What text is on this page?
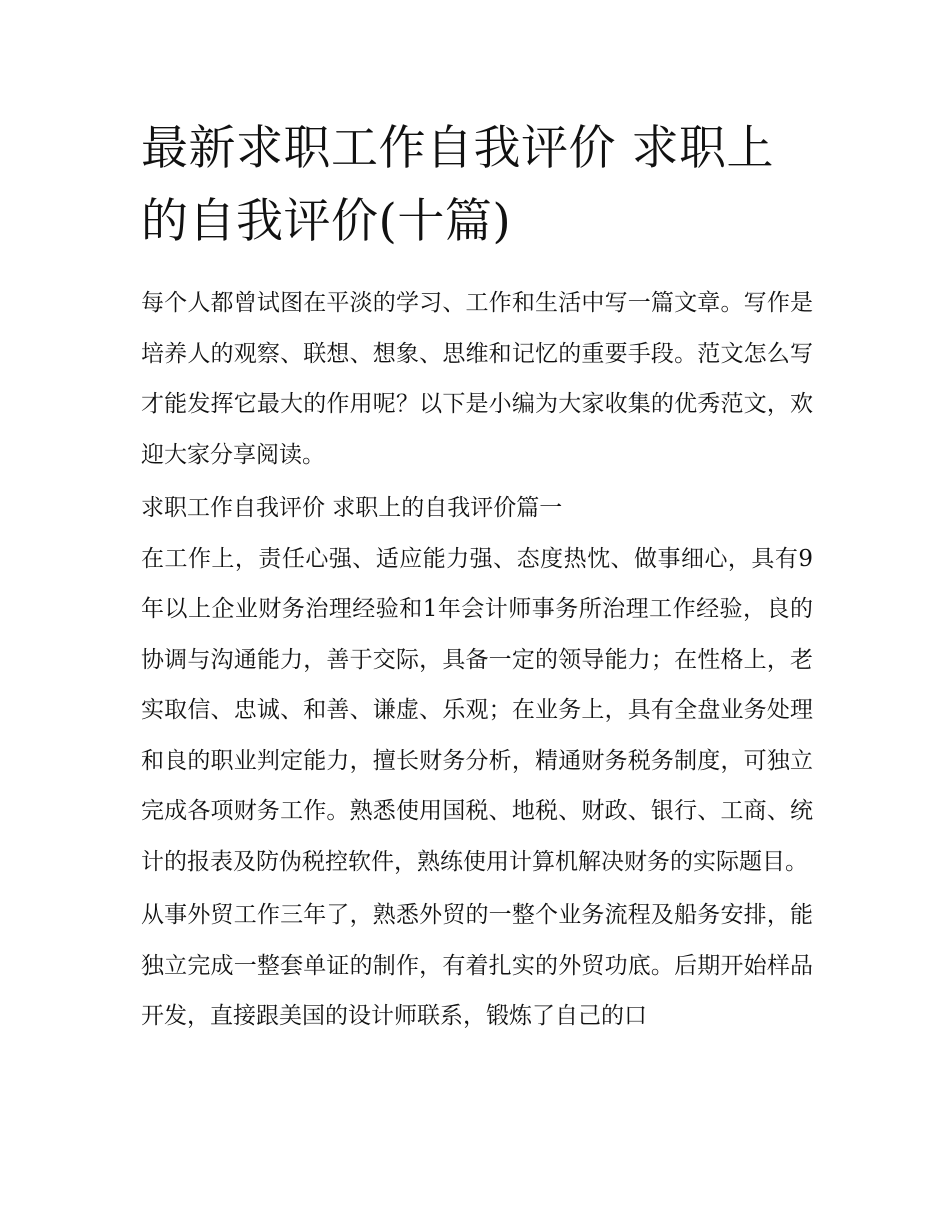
最新求职工作自我评价 求职上的自我评价(十篇)

每个人都曾试图在平淡的学习、工作和生活中写一篇文章。写作是培养人的观察、联想、想象、思维和记忆的重要手段。范文怎么写才能发挥它最大的作用呢？以下是小编为大家收集的优秀范文，欢迎大家分享阅读。

求职工作自我评价 求职上的自我评价篇一

在工作上，责任心强、适应能力强、态度热忱、做事细心，具有9年以上企业财务治理经验和1年会计师事务所治理工作经验，良的协调与沟通能力，善于交际，具备一定的领导能力；在性格上，老实取信、忠诚、和善、谦虚、乐观；在业务上，具有全盘业务处理和良的职业判定能力，擅长财务分析，精通财务税务制度，可独立完成各项财务工作。熟悉使用国税、地税、财政、银行、工商、统计的报表及防伪税控软件，熟练使用计算机解决财务的实际题目。

从事外贸工作三年了，熟悉外贸的一整个业务流程及船务安排，能独立完成一整套单证的制作，有着扎实的外贸功底。后期开始样品开发，直接跟美国的设计师联系，锻炼了自己的口
